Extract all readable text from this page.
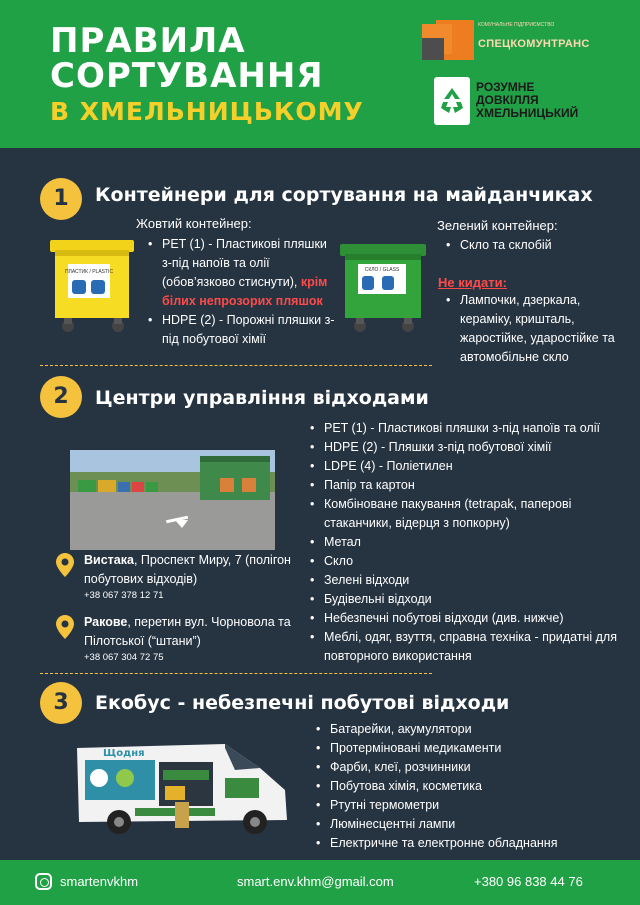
ПРАВИЛА
СОРТУВАННЯ
В ХМЕЛЬНИЦЬКОМУ
КОМУНАЛЬНЕ ПІДПРИЄМСТВО
СПЕЦКОМУНТРАНС
РОЗУМНЕ
ДОВКІЛЛЯ
ХМЕЛЬНИЦЬКИЙ
1	Контейнери для сортування на майданчиках
ПЛАСТИК / PLASTIC
Жовтий контейнер:
• PET (1) - Пластикові пляшки з-під напоїв та олії (обов’язково стиснути), крім білих непрозорих пляшок
• HDPE (2) - Порожні пляшки з-під побутової хімії
СКЛО / GLASS
Зелений контейнер:
• Скло та склобій
Не кидати:
• Лампочки, дзеркала, кераміку, кришталь, жаростійке, ударостійке та автомобільне скло
2	Центри управління відходами
Вистака, Проспект Миру, 7 (полігон побутових відходів)
+38 067 378 12 71
Ракове, перетин вул. Чорновола та Пілотської (“штани”)
+38 067 304 72 75
• PET (1) - Пластикові пляшки з-під напоїв та олії
• HDPE (2) - Пляшки з-під побутової хімії
• LDPE (4) - Поліетилен
• Папір та картон
• Комбіноване пакування (tetrapak, паперові стаканчики, відерця з попкорну)
• Метал
• Скло
• Зелені відходи
• Будівельні відходи
• Небезпечні побутові відходи (див. нижче)
• Меблі, одяг, взуття, справна техніка - придатні для повторного використання
3	Екобус - небезпечні побутові відходи
Щодня
• Батарейки, акумулятори
• Протерміновані медикаменти
• Фарби, клеї, розчинники
• Побутова хімія, косметика
• Ртутні термометри
• Люмінесцентні лампи
• Електричне та електронне обладнання
smartenvkhm	smart.env.khm@gmail.com	+380 96 838 44 76
